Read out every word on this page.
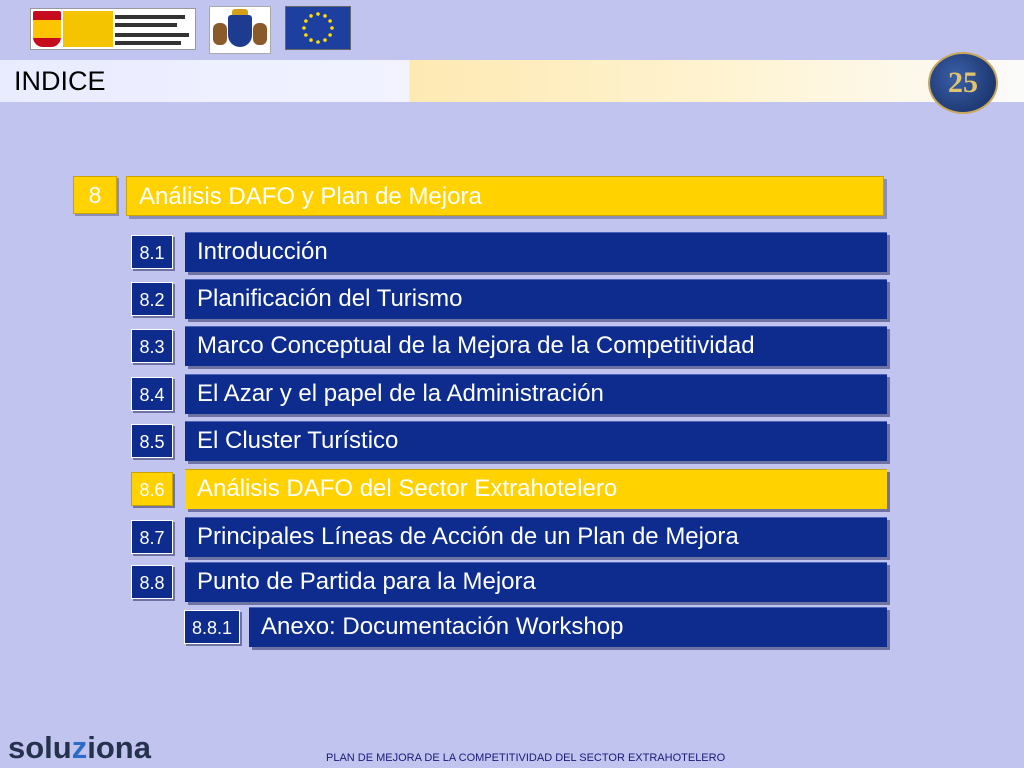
INDICE	25
8	Análisis DAFO y Plan de Mejora
8.1	Introducción
8.2	Planificación del Turismo
8.3	Marco Conceptual de la Mejora de la Competitividad
8.4	El Azar y el papel de la Administración
8.5	El Cluster Turístico
8.6	Análisis DAFO del Sector Extrahotelero
8.7	Principales Líneas de Acción de un Plan de Mejora
8.8	Punto de Partida para la Mejora
8.8.1	Anexo: Documentación Workshop
soluziona	PLAN DE MEJORA DE LA COMPETITIVIDAD DEL SECTOR EXTRAHOTELERO
